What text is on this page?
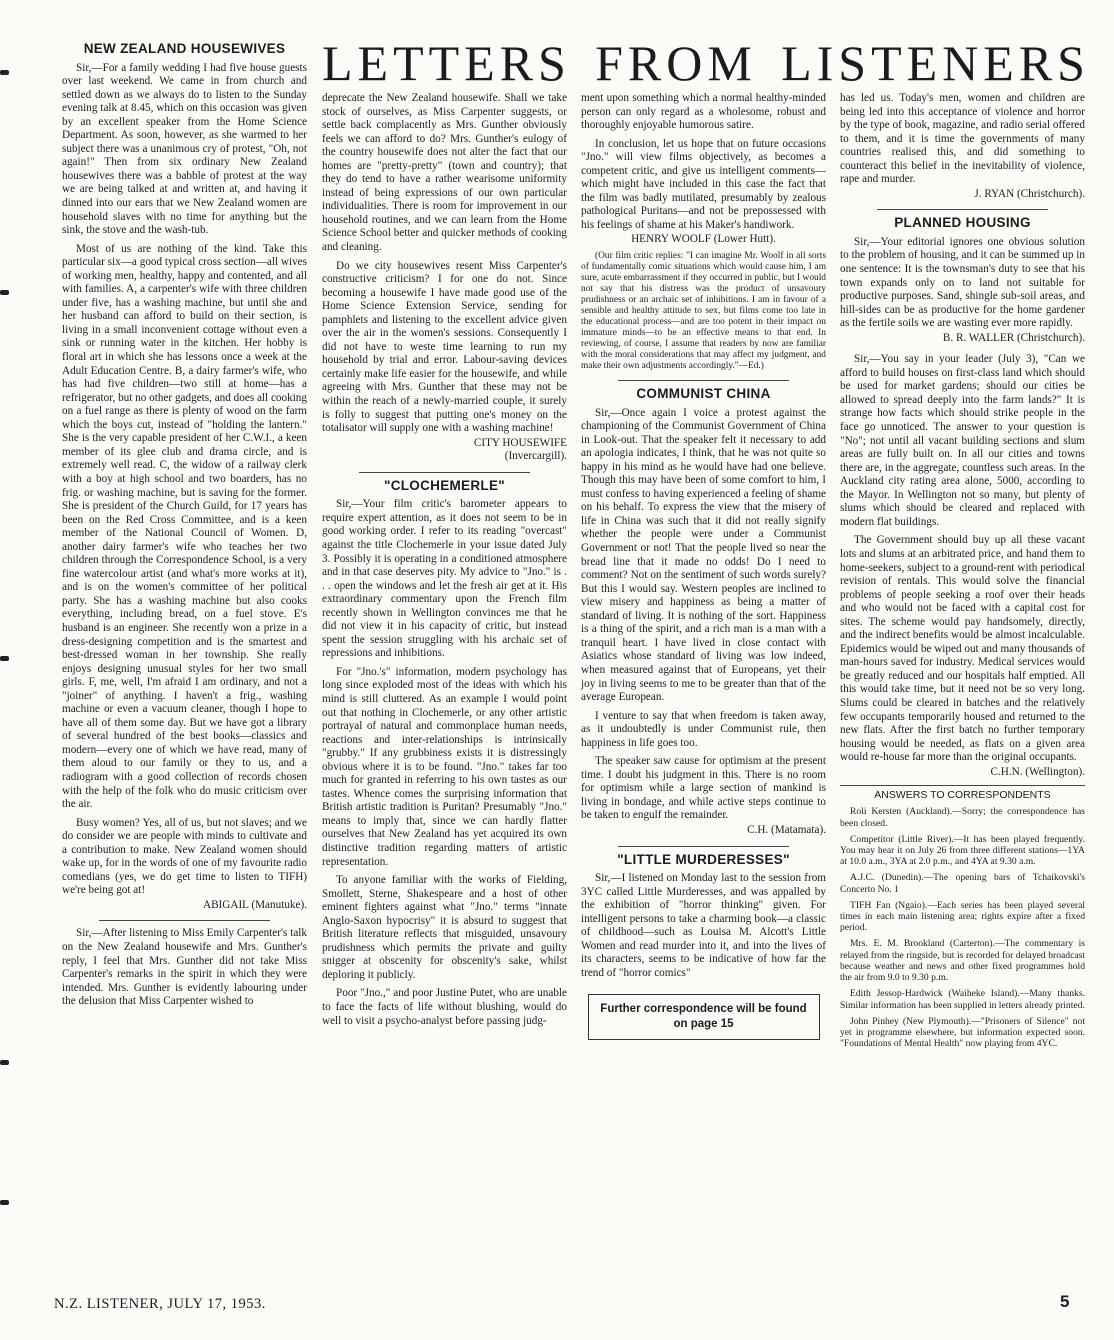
LETTERS FROM LISTENERS
NEW ZEALAND HOUSEWIVES

Sir,—For a family wedding I had five house guests over last weekend. We came in from church and settled down as we always do to listen to the Sunday evening talk at 8.45, which on this occasion was given by an excellent speaker from the Home Science Department. As soon, however, as she warmed to her subject there was a unanimous cry of protest, "Oh, not again!" Then from six ordinary New Zealand housewives there was a babble of protest at the way we are being talked at and written at, and having it dinned into our ears that we New Zealand women are household slaves with no time for anything but the sink, the stove and the wash-tub.

Most of us are nothing of the kind. Take this particular six—a good typical cross section—all wives of working men, healthy, happy and contented, and all with families. A, a carpenter's wife with three children under five, has a washing machine, but until she and her husband can afford to build on their section, is living in a small inconvenient cottage without even a sink or running water in the kitchen. Her hobby is floral art in which she has lessons once a week at the Adult Education Centre. B, a dairy farmer's wife, who has had five children—two still at home—has a refrigerator, but no other gadgets, and does all cooking on a fuel range as there is plenty of wood on the farm which the boys cut, instead of "holding the lantern." She is the very capable president of her C.W.I., a keen member of its glee club and drama circle, and is extremely well read. C, the widow of a railway clerk with a boy at high school and two boarders, has no frig. or washing machine, but is saving for the former. She is president of the Church Guild, for 17 years has been on the Red Cross Committee, and is a keen member of the National Council of Women. D, another dairy farmer's wife who teaches her two children through the Correspondence School, is a very fine watercolour artist (and what's more works at it), and is on the women's committee of her political party. She has a washing machine but also cooks everything, including bread, on a fuel stove. E's husband is an engineer. She recently won a prize in a dress-designing competition and is the smartest and best-dressed woman in her township. She really enjoys designing unusual styles for her two small girls. F, me, well, I'm afraid I am ordinary, and not a "joiner" of anything. I haven't a frig., washing machine or even a vacuum cleaner, though I hope to have all of them some day. But we have got a library of several hundred of the best books—classics and modern—every one of which we have read, many of them aloud to our family or they to us, and a radiogram with a good collection of records chosen with the help of the folk who do music criticism over the air.

Busy women? Yes, all of us, but not slaves; and we do consider we are people with minds to cultivate and a contribution to make. New Zealand women should wake up, for in the words of one of my favourite radio comedians (yes, we do get time to listen to TIFH) we're being got at!

ABIGAIL (Manutuke).

Sir,—After listening to Miss Emily Carpenter's talk on the New Zealand housewife and Mrs. Gunther's reply, I feel that Mrs. Gunther did not take Miss Carpenter's remarks in the spirit in which they were intended. Mrs. Gunther is evidently labouring under the delusion that Miss Carpenter wished to

deprecate the New Zealand housewife. Shall we take stock of ourselves, as Miss Carpenter suggests, or settle back complacently as Mrs. Gunther obviously feels we can afford to do? Mrs. Gunther's eulogy of the country housewife does not alter the fact that our homes are "pretty-pretty" (town and country); that they do tend to have a rather wearisome uniformity instead of being expressions of our own particular individualities. There is room for improvement in our household routines, and we can learn from the Home Science School better and quicker methods of cooking and cleaning.

Do we city housewives resent Miss Carpenter's constructive criticism? I for one do not. Since becoming a housewife I have made good use of the Home Science Extension Service, sending for pamphlets and listening to the excellent advice given over the air in the women's sessions. Consequently I did not have to weste time learning to run my household by trial and error. Labour-saving devices certainly make life easier for the housewife, and while agreeing with Mrs. Gunther that these may not be within the reach of a newly-married couple, it surely is folly to suggest that putting one's money on the totalisator will supply one with a washing machine!

CITY HOUSEWIFE

(Invercargill).

"CLOCHEMERLE"

Sir,—Your film critic's barometer appears to require expert attention, as it does not seem to be in good working order. I refer to its reading "overcast" against the title Clochemerle in your issue dated July 3. Possibly it is operating in a conditioned atmosphere and in that case deserves pity. My advice to "Jno." is . . . open the windows and let the fresh air get at it. His extraordinary commentary upon the French film recently shown in Wellington convinces me that he did not view it in his capacity of critic, but instead spent the session struggling with his archaic set of repressions and inhibitions.

For "Jno.'s" information, modern psychology has long since exploded most of the ideas with which his mind is still cluttered. As an example I would point out that nothing in Clochemerle, or any other artistic portrayal of natural and commonplace human needs, reactions and inter-relationships is intrinsically "grubby." If any grubbiness exists it is distressingly obvious where it is to be found. "Jno." takes far too much for granted in referring to his own tastes as our tastes. Whence comes the surprising information that British artistic tradition is Puritan? Presumably "Jno." means to imply that, since we can hardly flatter ourselves that New Zealand has yet acquired its own distinctive tradition regarding matters of artistic representation.

To anyone familiar with the works of Fielding, Smollett, Sterne, Shakespeare and a host of other eminent fighters against what "Jno." terms "innate Anglo-Saxon hypocrisy" it is absurd to suggest that British literature reflects that misguided, unsavoury prudishness which permits the private and guilty snigger at obscenity for obscenity's sake, whilst deploring it publicly.

Poor "Jno.," and poor Justine Putet, who are unable to face the facts of life without blushing, would do well to visit a psycho-analyst before passing judg-

ment upon something which a normal healthy-minded person can only regard as a wholesome, robust and thoroughly enjoyable humorous satire.

In conclusion, let us hope that on future occasions "Jno." will view films objectively, as becomes a competent critic, and give us intelligent comments—which might have included in this case the fact that the film was badly mutilated, presumably by zealous pathological Puritans—and not be prepossessed with his feelings of shame at his Maker's handiwork.

HENRY WOOLF (Lower Hutt).

(Our film critic replies: "I can imagine Mr. Woolf in all sorts of fundamentally comic situations which would cause him, I am sure, acute embarrassment if they occurred in public, but I would not say that his distress was the product of unsavoury prudishness or an archaic set of inhibitions. I am in favour of a sensible and healthy attitude to sex, but films come too late in the educational process—and are too potent in their impact on immature minds—to be an effective means to that end. In reviewing, of course, I assume that readers by now are familiar with the moral considerations that may affect my judgment, and make their own adjustments accordingly."—Ed.)

COMMUNIST CHINA

Sir,—Once again I voice a protest against the championing of the Communist Government of China in Look-out. That the speaker felt it necessary to add an apologia indicates, I think, that he was not quite so happy in his mind as he would have had one believe. Though this may have been of some comfort to him, I must confess to having experienced a feeling of shame on his behalf. To express the view that the misery of life in China was such that it did not really signify whether the people were under a Communist Government or not! That the people lived so near the bread line that it made no odds! Do I need to comment? Not on the sentiment of such words surely? But this I would say. Western peoples are inclined to view misery and happiness as being a matter of standard of living. It is nothing of the sort. Happiness is a thing of the spirit, and a rich man is a man with a tranquil heart. I have lived in close contact with Asiatics whose standard of living was low indeed, when measured against that of Europeans, yet their joy in living seems to me to be greater than that of the average European.

I venture to say that when freedom is taken away, as it undoubtedly is under Communist rule, then happiness in life goes too.

The speaker saw cause for optimism at the present time. I doubt his judgment in this. There is no room for optimism while a large section of mankind is living in bondage, and while active steps continue to be taken to engulf the remainder.

C.H. (Matamata).

"LITTLE MURDERESSES"

Sir,—I listened on Monday last to the session from 3YC called Little Murderesses, and was appalled by the exhibition of "horror thinking" given. For intelligent persons to take a charming book—a classic of childhood—such as Louisa M. Alcott's Little Women and read murder into it, and into the lives of its characters, seems to be indicative of how far the trend of "horror comics"

Further correspondence will be found on page 15

has led us. Today's men, women and children are being led into this acceptance of violence and horror by the type of book, magazine, and radio serial offered to them, and it is time the governments of many countries realised this, and did something to counteract this belief in the inevitability of violence, rape and murder.

J. RYAN (Christchurch).

PLANNED HOUSING

Sir,—Your editorial ignores one obvious solution to the problem of housing, and it can be summed up in one sentence: It is the townsman's duty to see that his town expands only on to land not suitable for productive purposes. Sand, shingle sub-soil areas, and hill-sides can be as productive for the home gardener as the fertile soils we are wasting ever more rapidly.

B. R. WALLER (Christchurch).

Sir,—You say in your leader (July 3), "Can we afford to build houses on first-class land which should be used for market gardens; should our cities be allowed to spread deeply into the farm lands?" It is strange how facts which should strike people in the face go unnoticed. The answer to your question is "No"; not until all vacant building sections and slum areas are fully built on. In all our cities and towns there are, in the aggregate, countless such areas. In the Auckland city rating area alone, 5000, according to the Mayor. In Wellington not so many, but plenty of slums which should be cleared and replaced with modern flat buildings.

The Government should buy up all these vacant lots and slums at an arbitrated price, and hand them to home-seekers, subject to a ground-rent with periodical revision of rentals. This would solve the financial problems of people seeking a roof over their heads and who would not be faced with a capital cost for sites. The scheme would pay handsomely, directly, and the indirect benefits would be almost incalculable. Epidemics would be wiped out and many thousands of man-hours saved for industry. Medical services would be greatly reduced and our hospitals half emptied. All this would take time, but it need not be so very long. Slums could be cleared in batches and the relatively few occupants temporarily housed and returned to the new flats. After the first batch no further temporary housing would be needed, as flats on a given area would re-house far more than the original occupants.

C.H.N. (Wellington).

ANSWERS TO CORRESPONDENTS

Roli Kersten (Auckland).—Sorry; the correspondence has been closed.

Competitor (Little River).—It has been played frequently. You may hear it on July 26 from three different stations—1YA at 10.0 a.m., 3YA at 2.0 p.m., and 4YA at 9.30 a.m.

A.J.C. (Dunedin).—The opening bars of Tchaikovski's Concerto No. 1

TIFH Fan (Ngaio).—Each series has been played several times in each main listening area; rights expire after a fixed period.

Mrs. E. M. Brookland (Carterton).—The commentary is relayed from the ringside, but is recorded for delayed broadcast because weather and news and other fixed programmes hold the air from 9.0 to 9.30 p.m.

Edith Jessop-Hardwick (Waiheke Island).—Many thanks. Similar information has been supplied in letters already printed.

John Pinhey (New Plymouth).—"Prisoners of Silence" not yet in programme elsewhere, but information expected soon. "Foundations of Mental Health" now playing from 4YC.

N.Z. LISTENER, JULY 17, 1953.	5
